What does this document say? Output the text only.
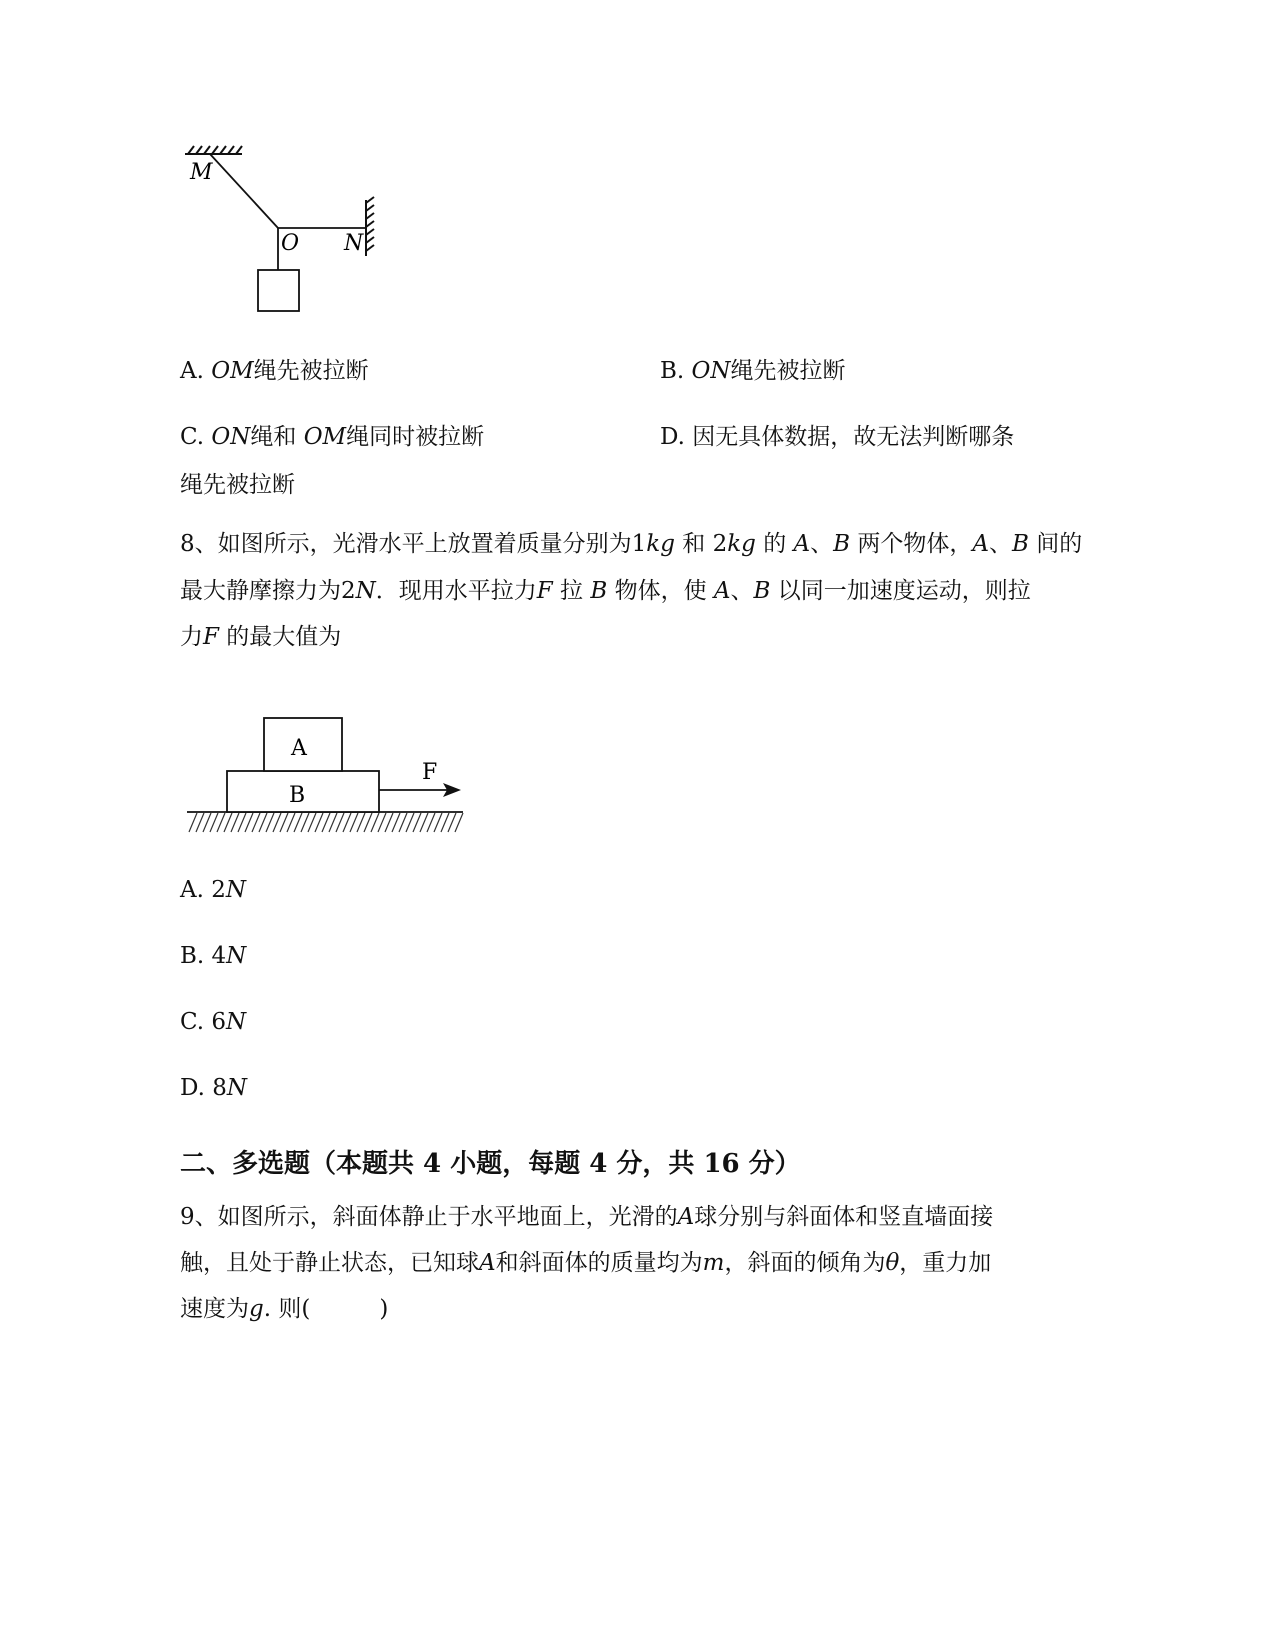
M
O N
A. OM绳先被拉断	B. ON绳先被拉断
C. ON绳和 OM绳同时被拉断	D. 因无具体数据，故无法判断哪条
绳先被拉断
8、如图所示，光滑水平上放置着质量分别为1kg 和 2kg 的 A、B 两个物体，A、B 间的
最大静摩擦力为2N．现用水平拉力F 拉 B 物体，使 A、B 以同一加速度运动，则拉
力F 的最大值为
A
B
F
A. 2N
B. 4N
C. 6N
D. 8N
二、多选题（本题共 4 小题，每题 4 分，共 16 分）
9、如图所示，斜面体静止于水平地面上，光滑的A球分别与斜面体和竖直墙面接
触，且处于静止状态，已知球A和斜面体的质量均为m，斜面的倾角为θ，重力加
速度为g. 则(　　　)
